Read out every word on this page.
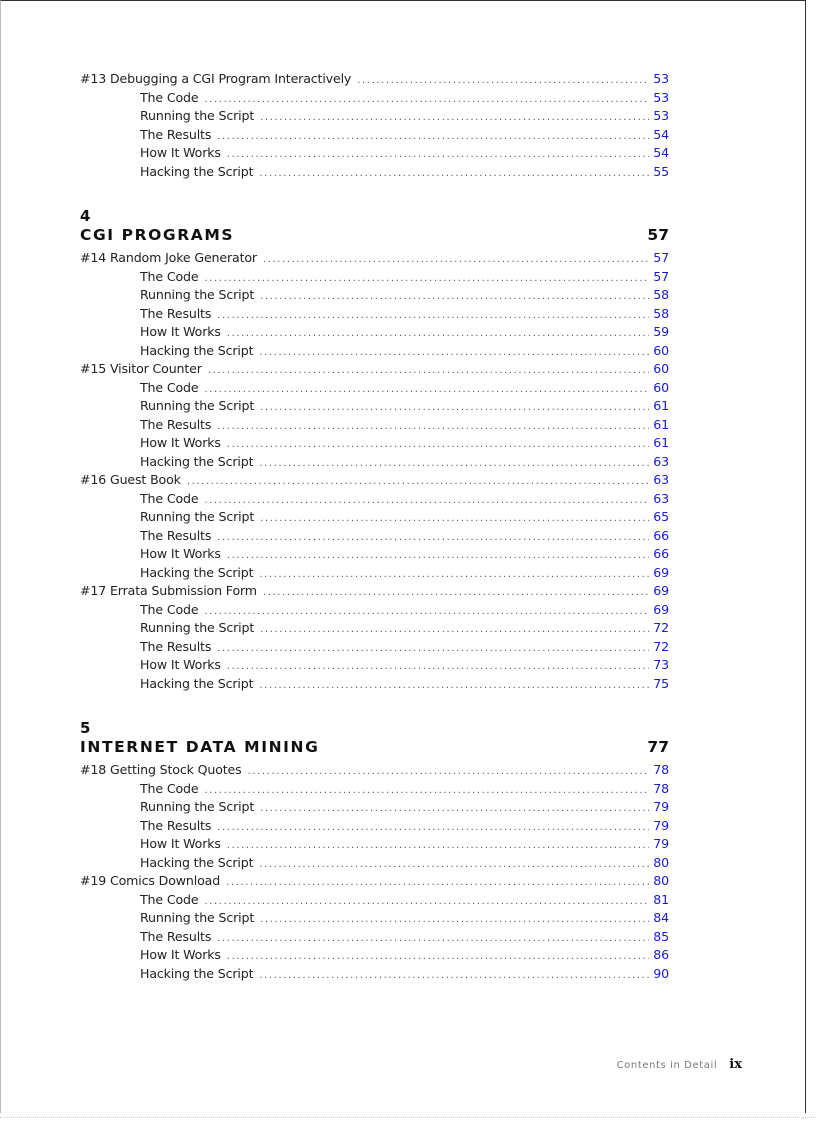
#13 Debugging a CGI Program Interactively .....	53
The Code .....	53
Running the Script .....	53
The Results .....	54
How It Works .....	54
Hacking the Script .....	55
4
CGI PROGRAMS	57
#14 Random Joke Generator .....	57
The Code .....	57
Running the Script .....	58
The Results .....	58
How It Works .....	59
Hacking the Script .....	60
#15 Visitor Counter .....	60
The Code .....	60
Running the Script .....	61
The Results .....	61
How It Works .....	61
Hacking the Script .....	63
#16 Guest Book .....	63
The Code .....	63
Running the Script .....	65
The Results .....	66
How It Works .....	66
Hacking the Script .....	69
#17 Errata Submission Form .....	69
The Code .....	69
Running the Script .....	72
The Results .....	72
How It Works .....	73
Hacking the Script .....	75
5
INTERNET DATA MINING	77
#18 Getting Stock Quotes .....	78
The Code .....	78
Running the Script .....	79
The Results .....	79
How It Works .....	79
Hacking the Script .....	80
#19 Comics Download .....	80
The Code .....	81
Running the Script .....	84
The Results .....	85
How It Works .....	86
Hacking the Script .....	90
Contents in Detail ix
